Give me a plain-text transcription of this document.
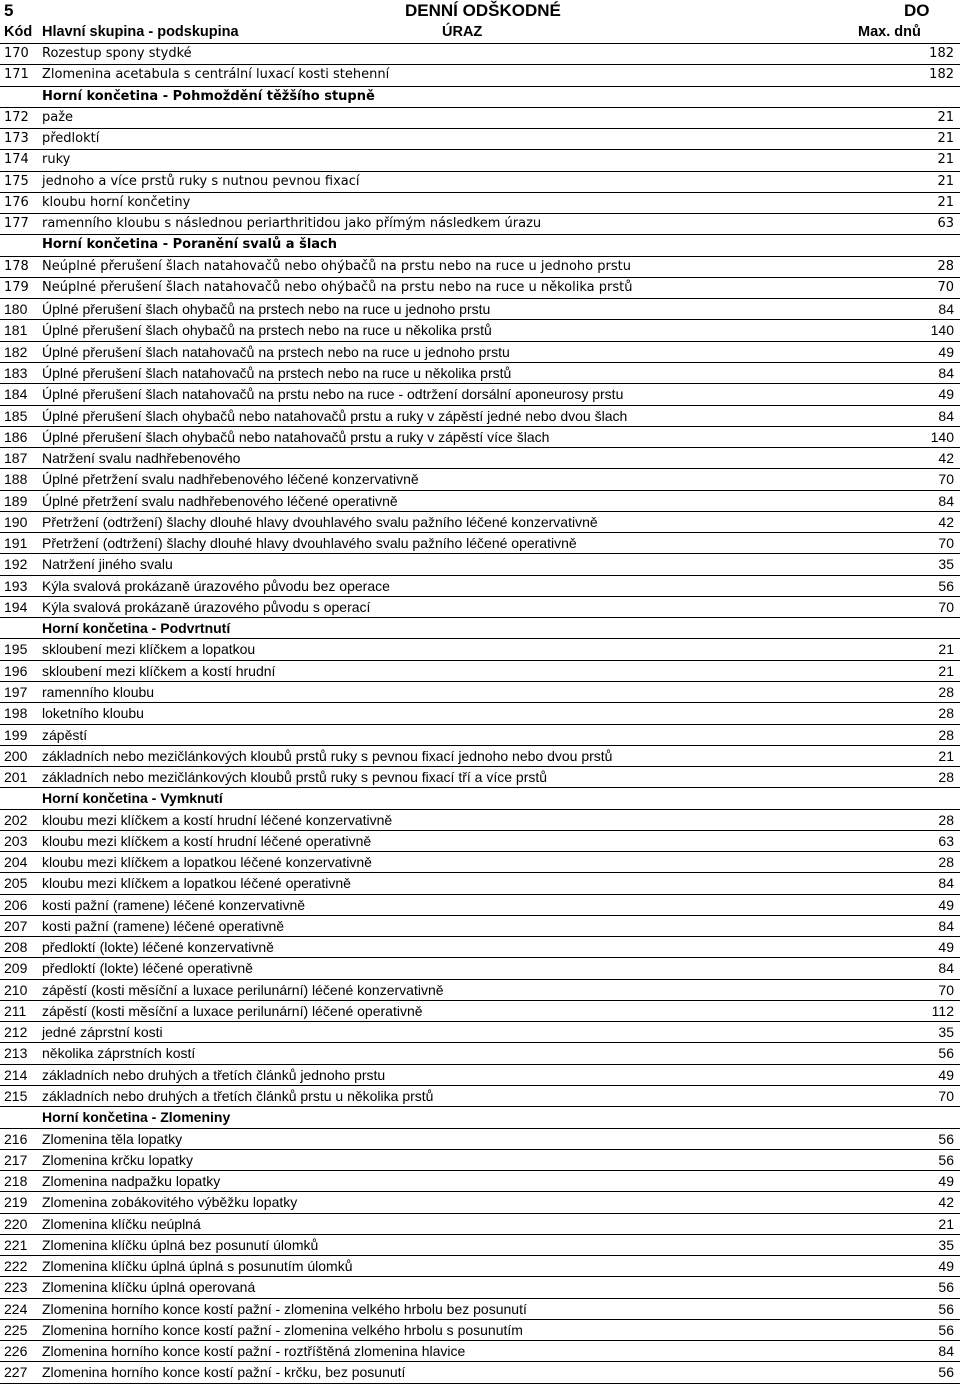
5	DENNÍ ODŠKODNÉ	DO
Kód Hlavní skupina - podskupina	ÚRAZ	Max. dnů
170 Rozestup spony stydké	182
171 Zlomenina acetabula s centrální luxací kosti stehenní	182
Horní končetina - Pohmoždění těžšího stupně
172 paže	21
173 předloktí	21
174 ruky	21
175 jednoho a více prstů ruky s nutnou pevnou fixací	21
176 kloubu horní končetiny	21
177 ramenního kloubu s následnou periarthritidou jako přímým následkem úrazu	63
Horní končetina - Poranění svalů a šlach
178 Neúplné přerušení šlach natahovačů nebo ohýbačů na prstu nebo na ruce u jednoho prstu	28
179 Neúplné přerušení šlach natahovačů nebo ohýbačů na prstu nebo na ruce u několika prstů	70
180 Úplné přerušení šlach ohybačů na prstech nebo na ruce u jednoho prstu	84
181 Úplné přerušení šlach ohybačů na prstech nebo na ruce u několika prstů	140
182 Úplné přerušení šlach natahovačů na prstech nebo na ruce u jednoho prstu	49
183 Úplné přerušení šlach natahovačů na prstech nebo na ruce u několika prstů	84
184 Úplné přerušení šlach natahovačů na prstu nebo na ruce - odtržení dorsální aponeurosy prstu	49
185 Úplné přerušení šlach ohybačů nebo natahovačů prstu a ruky v zápěstí jedné nebo dvou šlach	84
186 Úplné přerušení šlach ohybačů nebo natahovačů prstu a ruky v zápěstí více šlach	140
187 Natržení svalu nadhřebenového	42
188 Úplné přetržení svalu nadhřebenového léčené konzervativně	70
189 Úplné přetržení svalu nadhřebenového léčené operativně	84
190 Přetržení (odtržení) šlachy dlouhé hlavy dvouhlavého svalu pažního léčené konzervativně	42
191 Přetržení (odtržení) šlachy dlouhé hlavy dvouhlavého svalu pažního léčené operativně	70
192 Natržení jiného svalu	35
193 Kýla svalová prokázaně úrazového původu bez operace	56
194 Kýla svalová prokázaně úrazového původu s operací	70
Horní končetina - Podvrtnutí
195 skloubení mezi klíčkem a lopatkou	21
196 skloubení mezi klíčkem a kostí hrudní	21
197 ramenního kloubu	28
198 loketního kloubu	28
199 zápěstí	28
200 základních nebo mezičlánkových kloubů prstů ruky s pevnou fixací jednoho nebo dvou prstů	21
201 základních nebo mezičlánkových kloubů prstů ruky s pevnou fixací tří a více prstů	28
Horní končetina - Vymknutí
202 kloubu mezi klíčkem a kostí hrudní léčené konzervativně	28
203 kloubu mezi klíčkem a kostí hrudní léčené operativně	63
204 kloubu mezi klíčkem a lopatkou léčené konzervativně	28
205 kloubu mezi klíčkem a lopatkou léčené operativně	84
206 kosti pažní (ramene) léčené konzervativně	49
207 kosti pažní (ramene) léčené operativně	84
208 předloktí (lokte) léčené konzervativně	49
209 předloktí (lokte) léčené operativně	84
210 zápěstí (kosti měsíční a luxace perilunární) léčené konzervativně	70
211 zápěstí (kosti měsíční a luxace perilunární) léčené operativně	112
212 jedné záprstní kosti	35
213 několika záprstních kostí	56
214 základních nebo druhých a třetích článků jednoho prstu	49
215 základních nebo druhých a třetích článků prstu u několika prstů	70
Horní končetina - Zlomeniny
216 Zlomenina těla lopatky	56
217 Zlomenina krčku lopatky	56
218 Zlomenina nadpažku lopatky	49
219 Zlomenina zobákovitého výběžku lopatky	42
220 Zlomenina klíčku neúplná	21
221 Zlomenina klíčku úplná bez posunutí úlomků	35
222 Zlomenina klíčku úplná úplná s posunutím úlomků	49
223 Zlomenina klíčku úplná operovaná	56
224 Zlomenina horního konce kostí pažní - zlomenina velkého hrbolu bez posunutí	56
225 Zlomenina horního konce kostí pažní - zlomenina velkého hrbolu s posunutím	56
226 Zlomenina horního konce kostí pažní - roztříštěná zlomenina hlavice	84
227 Zlomenina horního konce kostí pažní - krčku, bez posunutí	56
